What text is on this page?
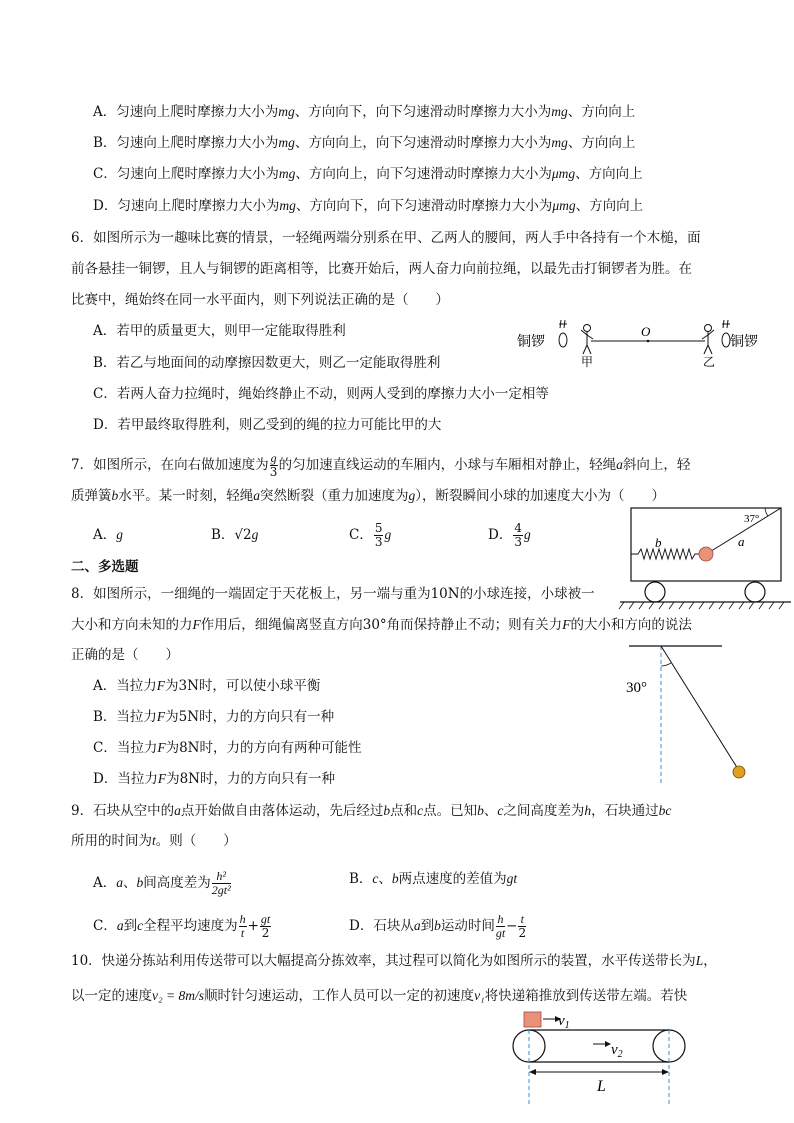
A．匀速向上爬时摩擦力大小为mg、方向向下，向下匀速滑动时摩擦力大小为mg、方向向上
B．匀速向上爬时摩擦力大小为mg、方向向上，向下匀速滑动时摩擦力大小为mg、方向向上
C．匀速向上爬时摩擦力大小为mg、方向向上，向下匀速滑动时摩擦力大小为μmg、方向向上
D．匀速向上爬时摩擦力大小为mg、方向向下，向下匀速滑动时摩擦力大小为μmg、方向向上
6．如图所示为一趣味比赛的情景，一轻绳两端分别系在甲、乙两人的腰间，两人手中各持有一个木槌，面
前各悬挂一铜锣，且人与铜锣的距离相等，比赛开始后，两人奋力向前拉绳，以最先击打铜锣者为胜。在
比赛中，绳始终在同一水平面内，则下列说法正确的是（　　）
A．若甲的质量更大，则甲一定能取得胜利
B．若乙与地面间的动摩擦因数更大，则乙一定能取得胜利
C．若两人奋力拉绳时，绳始终静止不动，则两人受到的摩擦力大小一定相等
D．若甲最终取得胜利，则乙受到的绳的拉力可能比甲的大
铜锣
甲
O
乙
铜锣
7．如图所示，在向右做加速度为 $\frac{g}{3}$ 的匀加速直线运动的车厢内，小球与车厢相对静止，轻绳a斜向上，轻
质弹簧b水平。某一时刻，轻绳a突然断裂（重力加速度为g），断裂瞬间小球的加速度大小为（　　）
A．g	B．√2g	C． $\frac{5}{3}$ g	D． $\frac{4}{3}$ g
37°
a
b
二、多选题
8．如图所示，一细绳的一端固定于天花板上，另一端与重为10N的小球连接，小球被一
大小和方向未知的力F作用后，细绳偏离竖直方向30°角而保持静止不动；则有关力F的大小和方向的说法
正确的是（　　）
A．当拉力F为3N时，可以使小球平衡
B．当拉力F为5N时，力的方向只有一种
C．当拉力F为8N时，力的方向有两种可能性
D．当拉力F为8N时，力的方向只有一种
30°
9．石块从空中的a点开始做自由落体运动，先后经过b点和c点。已知b、c之间高度差为h，石块通过bc
所用的时间为t。则（　　）
A．a、b间高度差为 $\frac{\text{h²}}{\text{2gt²}}$	B．c、b两点速度的差值为gt
C．a到c全程平均速度为 $\frac{h}{t} + \frac{gt}{2}$	D．石块从a到b运动时间 $\frac{h}{gt} - \frac{t}{2}$
10．快递分拣站利用传送带可以大幅提高分拣效率，其过程可以简化为如图所示的装置，水平传送带长为L，
以一定的速度v₂ = 8m/s顺时针匀速运动，工作人员可以一定的初速度v₁将快递箱推放到传送带左端。若快
$v_1$
$v_2$
L
